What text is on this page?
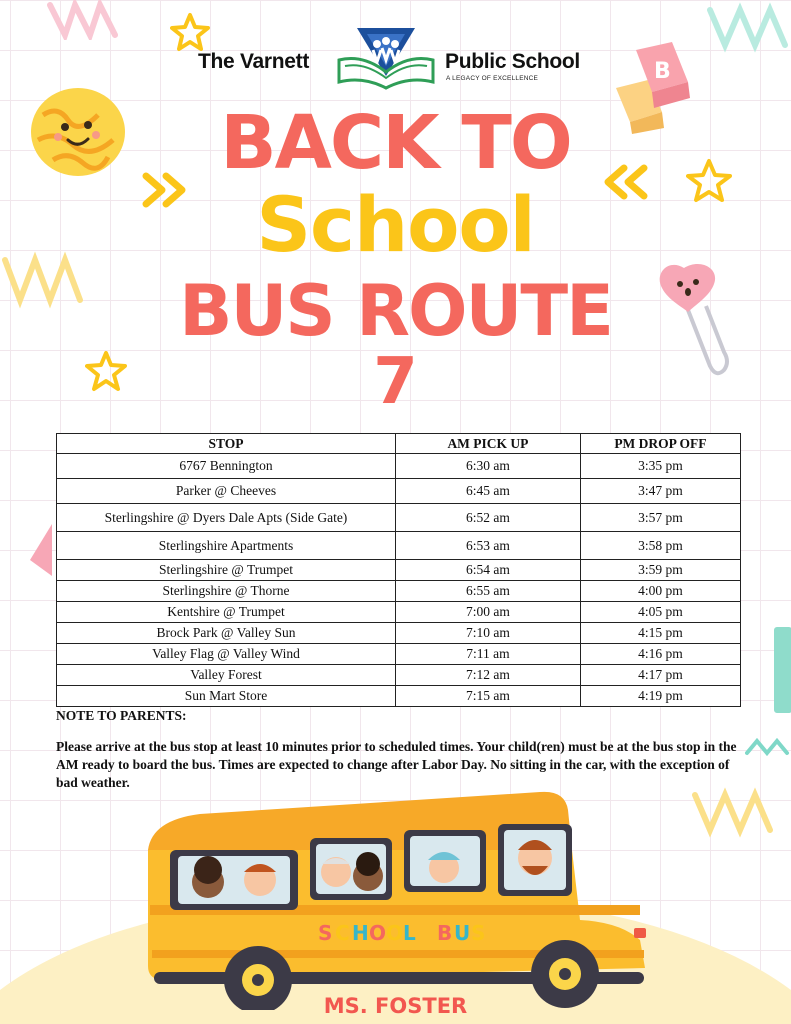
B
The Varnett	Public School
A LEGACY OF EXCELLENCE
BACK TO
School
BUS ROUTE
7
STOP	AM PICK UP	PM DROP OFF
6767 Bennington	6:30 am	3:35 pm
Parker @ Cheeves	6:45 am	3:47 pm
Sterlingshire @ Dyers Dale Apts (Side Gate)	6:52 am	3:57 pm
Sterlingshire Apartments	6:53 am	3:58 pm
Sterlingshire @ Trumpet	6:54 am	3:59 pm
Sterlingshire @ Thorne	6:55 am	4:00 pm
Kentshire @ Trumpet	7:00 am	4:05 pm
Brock Park @ Valley Sun	7:10 am	4:15 pm
Valley Flag @ Valley Wind	7:11 am	4:16 pm
Valley Forest	7:12 am	4:17 pm
Sun Mart Store	7:15 am	4:19 pm
NOTE TO PARENTS:
Please arrive at the bus stop at least 10 minutes prior to scheduled times. Your child(ren) must be at the bus stop in the AM ready to board the bus. Times are expected to change after Labor Day. No sitting in the car, with the exception of bad weather.
S C H O O L B U S
MS. FOSTER
